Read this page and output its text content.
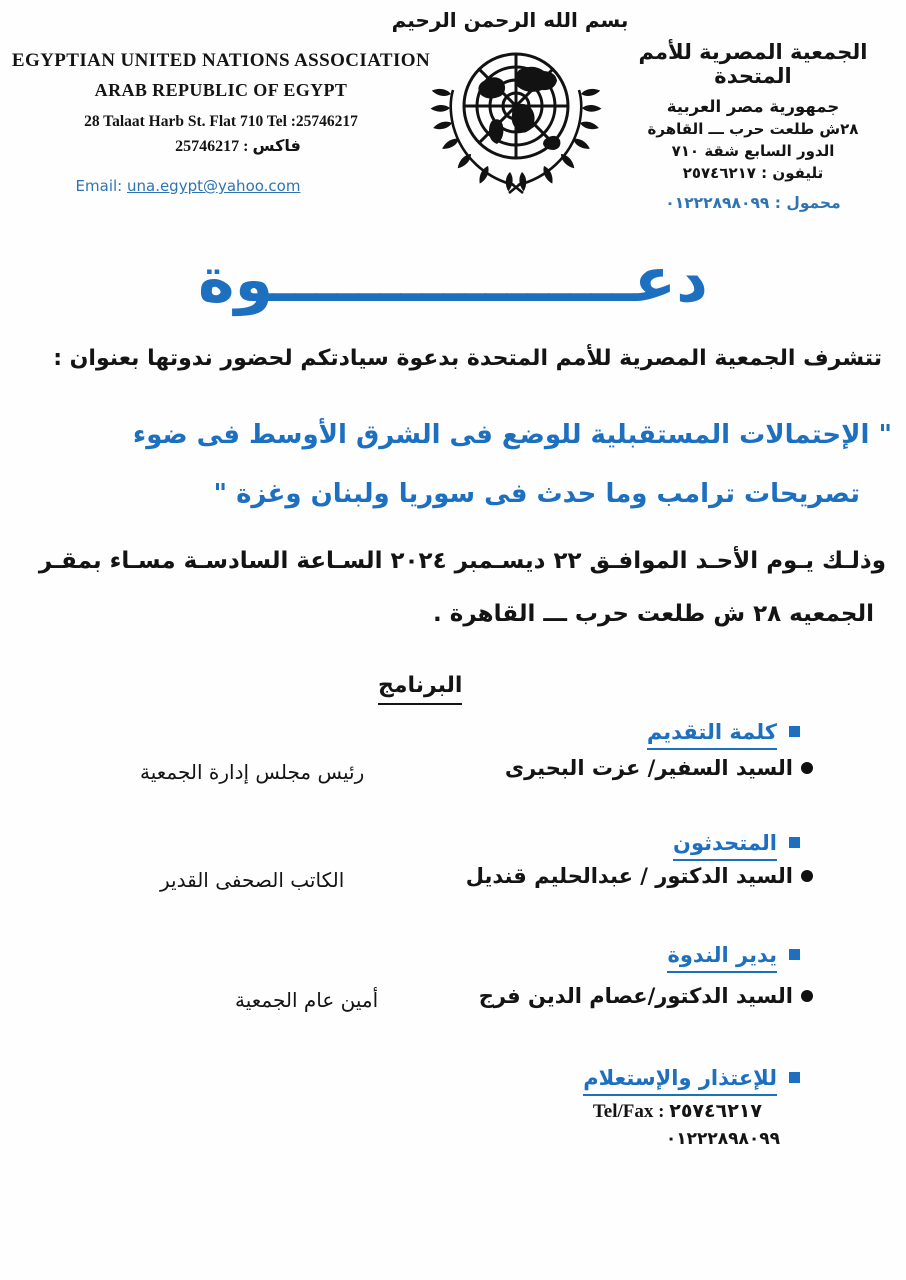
بسم الله الرحمن الرحيم
EGYPTIAN UNITED NATIONS ASSOCIATION
ARAB REPUBLIC OF EGYPT
28 Talaat Harb St. Flat 710 Tel :25746217
فاكس : 25746217
Email: una.egypt@yahoo.com
الجمعية المصرية للأمم المتحدة
جمهورية مصر العربية
٢٨ش طلعت حرب ـــ القاهرة
الدور السابع شقة ٧١٠
تليفون : ٢٥٧٤٦٢١٧
محمول : ٠١٢٢٢٨٩٨٠٩٩
دعـــــــــــــــــوة
تتشرف الجمعية المصرية للأمم المتحدة بدعوة سيادتكم لحضور ندوتها بعنوان :
" الإحتمالات المستقبلية للوضع فى الشرق الأوسط فى ضوء
تصريحات ترامب وما حدث فى سوريا ولبنان وغزة "
وذلـك يـوم الأحـد الموافـق ٢٢ ديسـمبر ٢٠٢٤ السـاعة السادسـة مسـاء بمقـر
الجمعيه ٢٨ ش طلعت حرب ـــ القاهرة .
البرنامج
كلمة التقديم
السيد السفير/ عزت البحيرى
رئيس مجلس إدارة الجمعية
المتحدثون
السيد الدكتور / عبدالحليم قنديل
الكاتب الصحفى القدير
يدير الندوة
السيد الدكتور/عصام الدين فرج
أمين عام الجمعية
للإعتذار والإستعلام
Tel/Fax : ٢٥٧٤٦٢١٧
٠١٢٢٢٨٩٨٠٩٩
